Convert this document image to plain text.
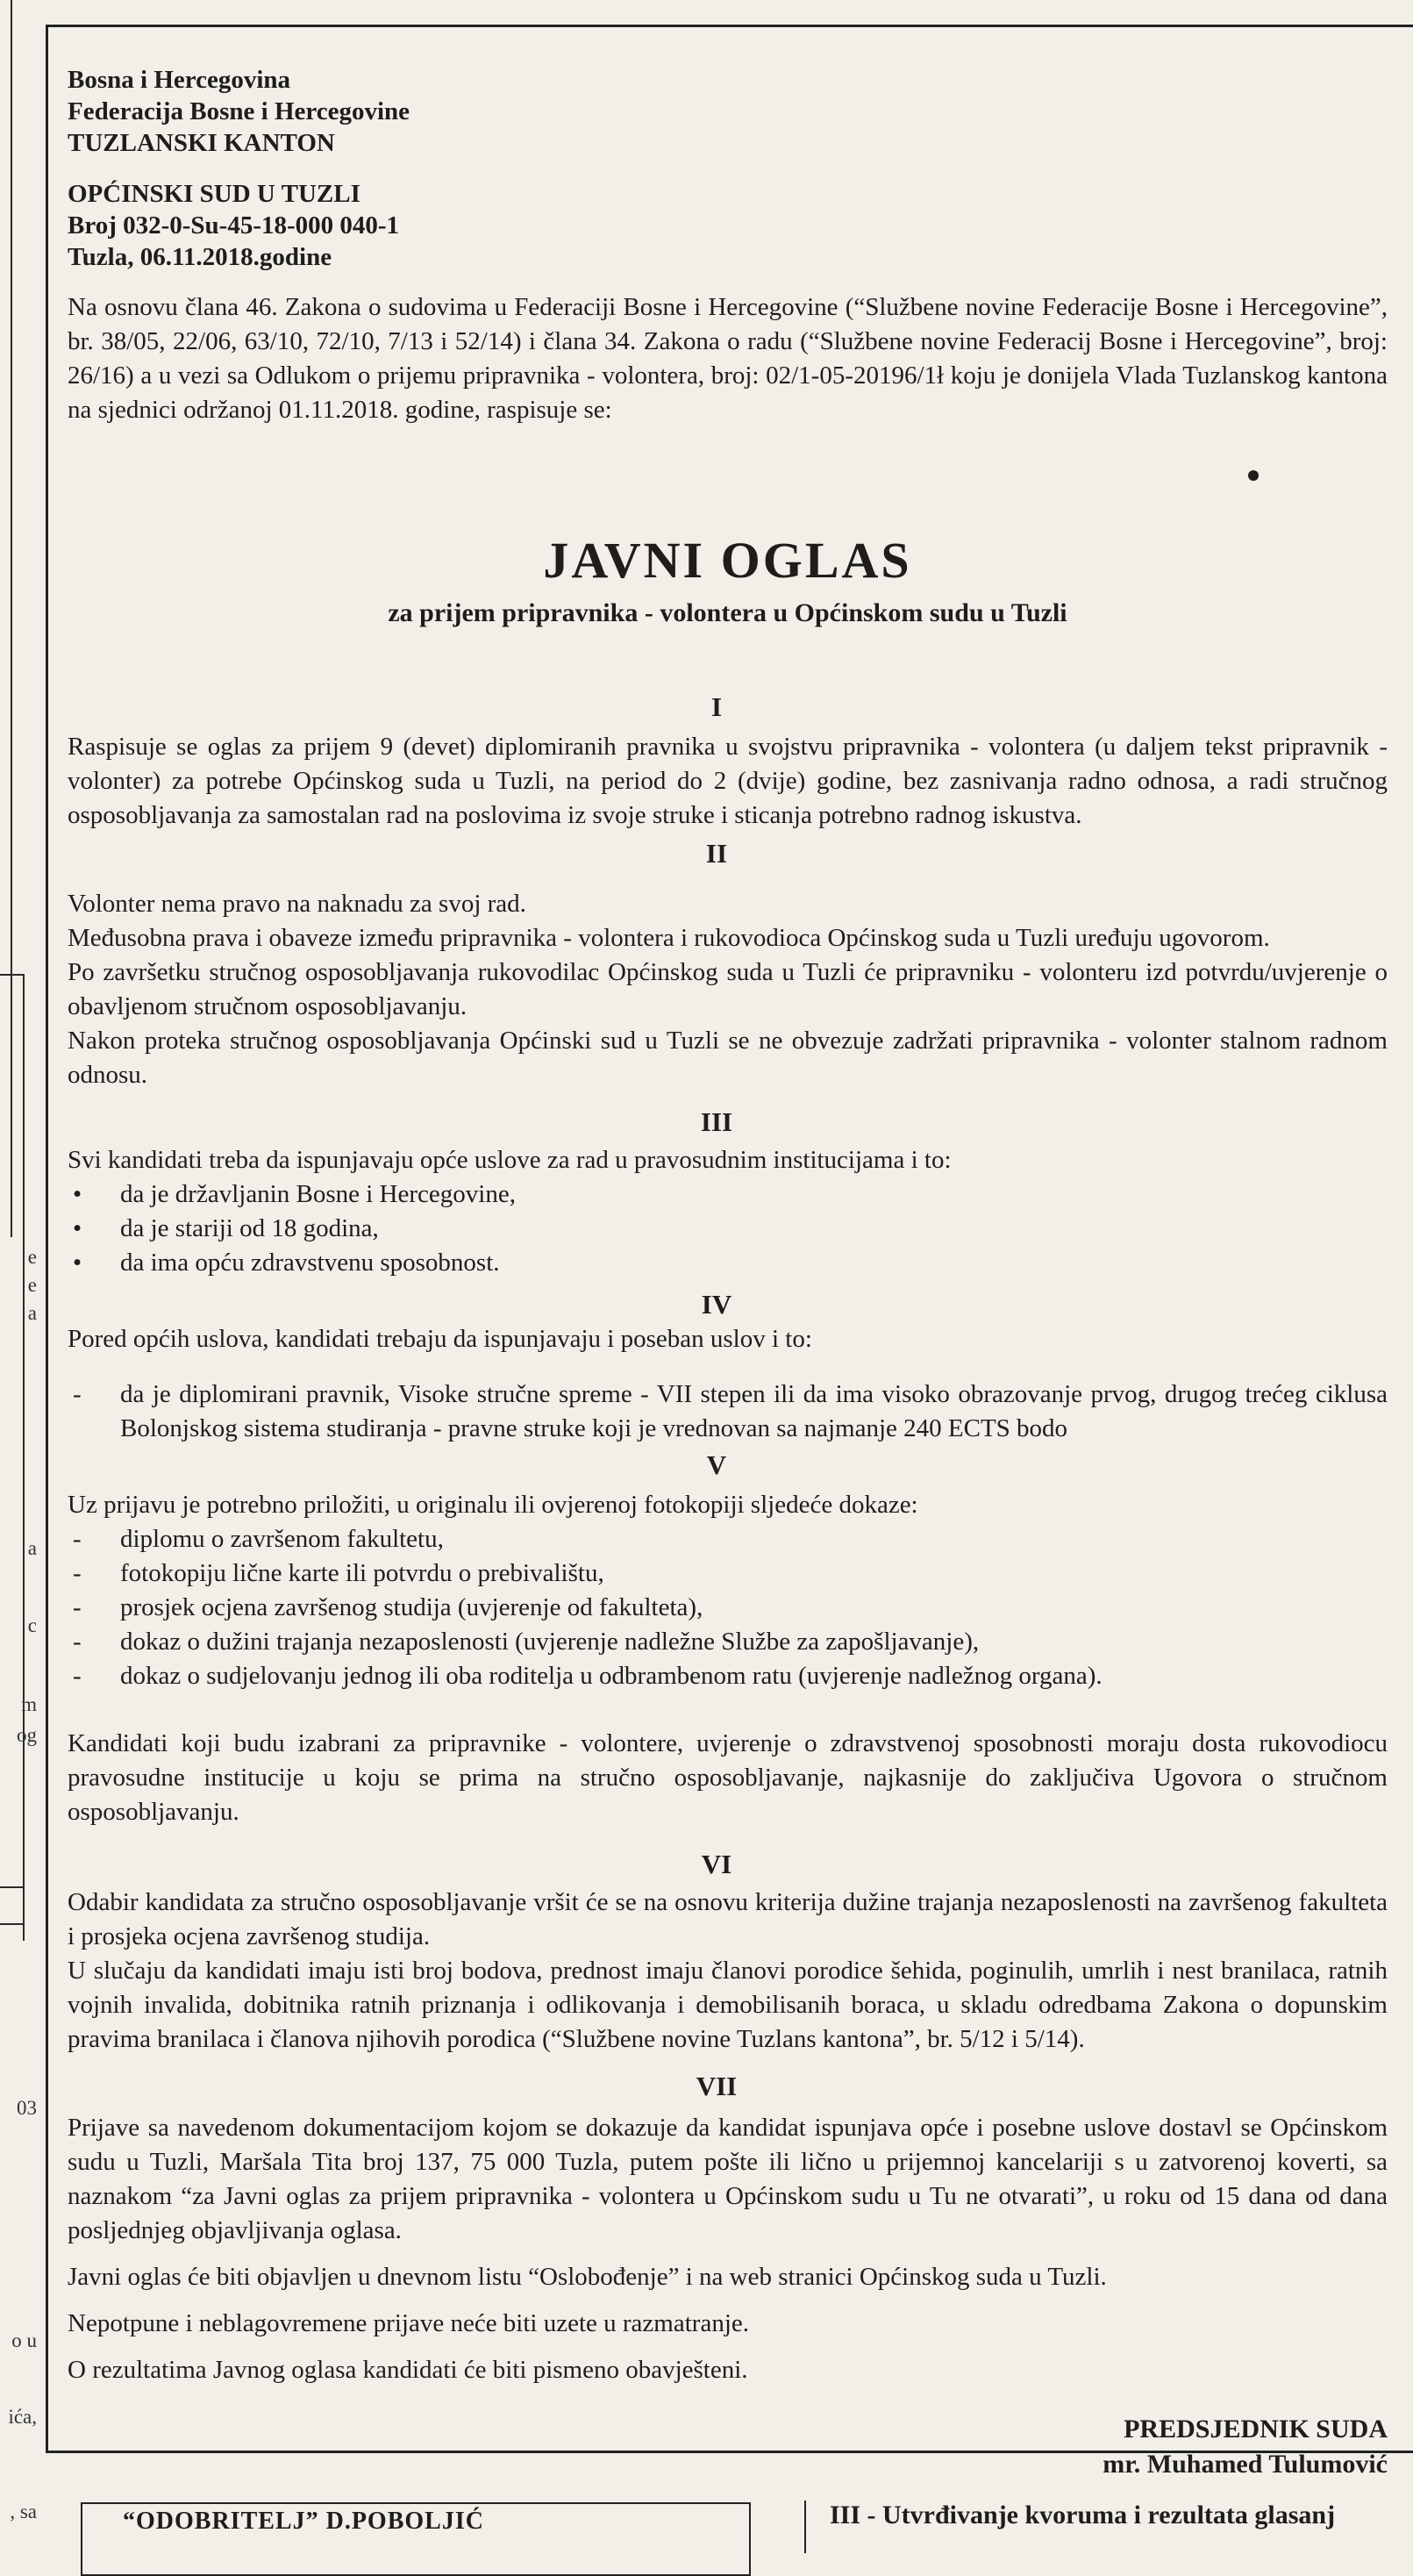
e
e
a
a
c
m
og
03
o u
ića,
, sa

Bosna i Hercegovina

Federacija Bosne i Hercegovine

TUZLANSKI KANTON

OPĆINSKI SUD U TUZLI

Broj 032-0-Su-45-18-000 040-1

Tuzla, 06.11.2018.godine

Na osnovu člana 46. Zakona o sudovima u Federaciji Bosne i Hercegovine (“Službene novine Federacije Bosne i Hercegovine”, br. 38/05, 22/06, 63/10, 72/10, 7/13 i 52/14) i člana 34. Zakona o radu (“Službene novine Federacij Bosne i Hercegovine”, broj: 26/16) a u vezi sa Odlukom o prijemu pripravnika - volontera, broj: 02/1-05-20196/1ł koju je donijela Vlada Tuzlanskog kantona na sjednici održanoj 01.11.2018. godine, raspisuje se:

JAVNI OGLAS

za prijem pripravnika - volontera u Općinskom sudu u Tuzli

I

Raspisuje se oglas za prijem 9 (devet) diplomiranih pravnika u svojstvu pripravnika - volontera (u daljem tekst pripravnik - volonter) za potrebe Općinskog suda u Tuzli, na period do 2 (dvije) godine, bez zasnivanja radno odnosa, a radi stručnog osposobljavanja za samostalan rad na poslovima iz svoje struke i sticanja potrebno radnog iskustva.

II

Volonter nema pravo na naknadu za svoj rad.

Međusobna prava i obaveze između pripravnika - volontera i rukovodioca Općinskog suda u Tuzli uređuju ugovorom.

Po završetku stručnog osposobljavanja rukovodilac Općinskog suda u Tuzli će pripravniku - volonteru izd potvrdu/uvjerenje o obavljenom stručnom osposobljavanju.

Nakon proteka stručnog osposobljavanja Općinski sud u Tuzli se ne obvezuje zadržati pripravnika - volonter stalnom radnom odnosu.

III

Svi kandidati treba da ispunjavaju opće uslove za rad u pravosudnim institucijama i to:

• da je državljanin Bosne i Hercegovine,
• da je stariji od 18 godina,
• da ima opću zdravstvenu sposobnost.

IV

Pored općih uslova, kandidati trebaju da ispunjavaju i poseban uslov i to:

- da je diplomirani pravnik, Visoke stručne spreme - VII stepen ili da ima visoko obrazovanje prvog, drugog trećeg ciklusa Bolonjskog sistema studiranja - pravne struke koji je vrednovan sa najmanje 240 ECTS bodo

V

Uz prijavu je potrebno priložiti, u originalu ili ovjerenoj fotokopiji sljedeće dokaze:

- diplomu o završenom fakultetu,
- fotokopiju lične karte ili potvrdu o prebivalištu,
- prosjek ocjena završenog studija (uvjerenje od fakulteta),
- dokaz o dužini trajanja nezaposlenosti (uvjerenje nadležne Službe za zapošljavanje),
- dokaz o sudjelovanju jednog ili oba roditelja u odbrambenom ratu (uvjerenje nadležnog organa).

Kandidati koji budu izabrani za pripravnike - volontere, uvjerenje o zdravstvenoj sposobnosti moraju dosta rukovodiocu pravosudne institucije u koju se prima na stručno osposobljavanje, najkasnije do zaključiva Ugovora o stručnom osposobljavanju.

VI

Odabir kandidata za stručno osposobljavanje vršit će se na osnovu kriterija dužine trajanja nezaposlenosti na završenog fakulteta i prosjeka ocjena završenog studija.

U slučaju da kandidati imaju isti broj bodova, prednost imaju članovi porodice šehida, poginulih, umrlih i nest branilaca, ratnih vojnih invalida, dobitnika ratnih priznanja i odlikovanja i demobilisanih boraca, u skladu odredbama Zakona o dopunskim pravima branilaca i članova njihovih porodica (“Službene novine Tuzlans kantona”, br. 5/12 i 5/14).

VII

Prijave sa navedenom dokumentacijom kojom se dokazuje da kandidat ispunjava opće i posebne uslove dostavl se Općinskom sudu u Tuzli, Maršala Tita broj 137, 75 000 Tuzla, putem pošte ili lično u prijemnoj kancelariji s u zatvorenoj koverti, sa naznakom “za Javni oglas za prijem pripravnika - volontera u Općinskom sudu u Tu ne otvarati”, u roku od 15 dana od dana posljednjeg objavljivanja oglasa.

Javni oglas će biti objavljen u dnevnom listu “Oslobođenje” i na web stranici Općinskog suda u Tuzli.

Nepotpune i neblagovremene prijave neće biti uzete u razmatranje.

O rezultatima Javnog oglasa kandidati će biti pismeno obavješteni.

PREDSJEDNIK SUDA

mr. Muhamed Tulumović

“ODOBRITELJ” D.POBOLJIĆ	III - Utvrđivanje kvoruma i rezultata glasanj
